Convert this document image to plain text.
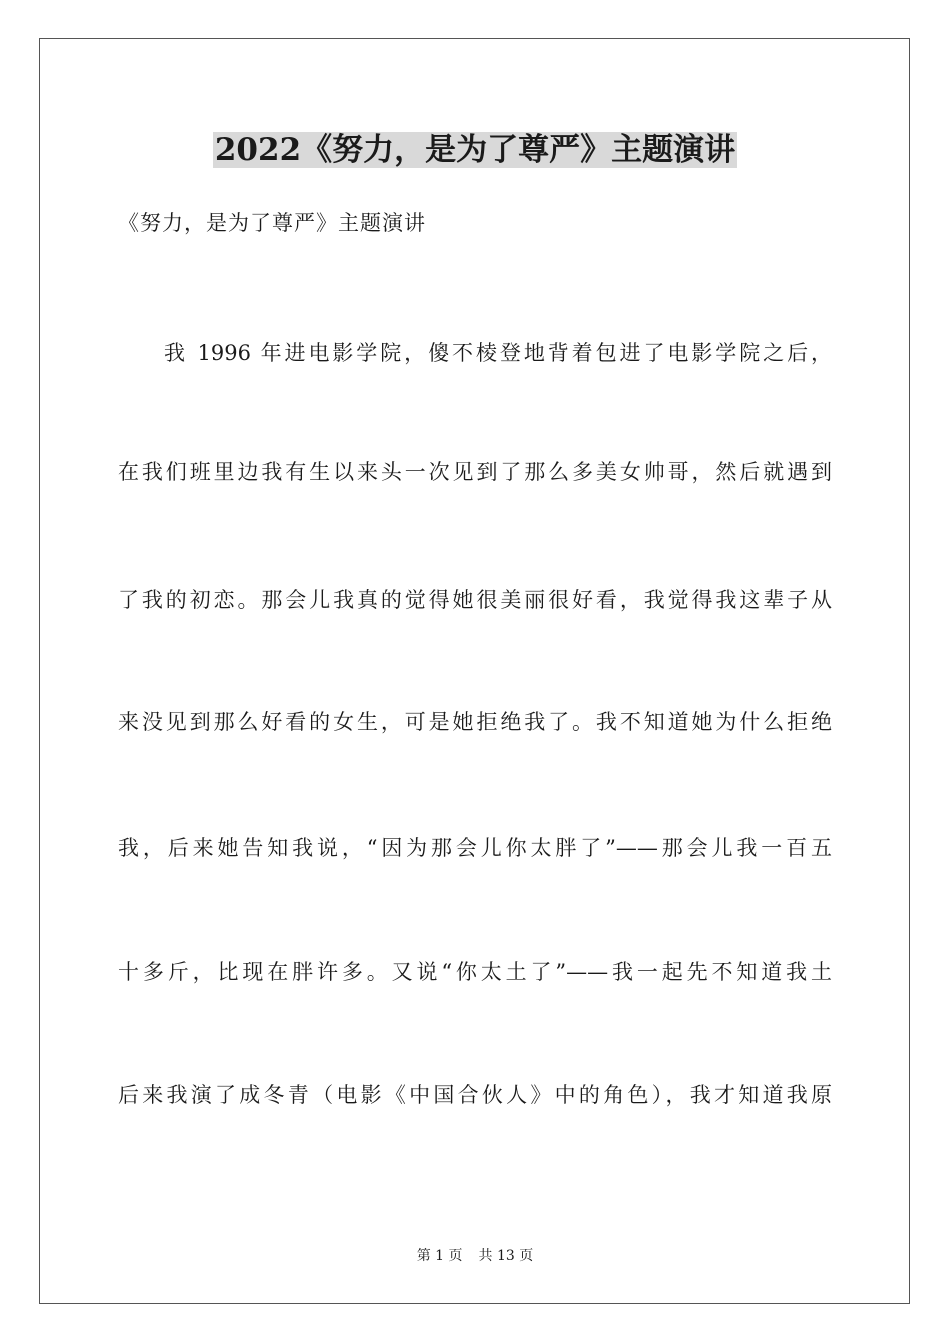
2022《努力，是为了尊严》主题演讲
《努力，是为了尊严》主题演讲
我 1996 年进电影学院，傻不棱登地背着包进了电影学院之后，
在我们班里边我有生以来头一次见到了那么多美女帅哥，然后就遇到
了我的初恋。那会儿我真的觉得她很美丽很好看，我觉得我这辈子从
来没见到那么好看的女生，可是她拒绝我了。我不知道她为什么拒绝
我，后来她告知我说，“因为那会儿你太胖了”——那会儿我一百五
十多斤，比现在胖许多。又说“你太土了”——我一起先不知道我土
后来我演了成冬青（电影《中国合伙人》中的角色），我才知道我原
第 1 页 共 13 页
